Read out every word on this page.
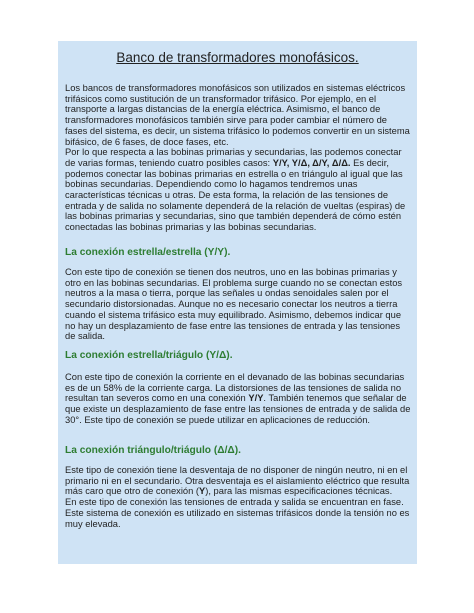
Banco de transformadores monofásicos.

Los bancos de transformadores monofásicos son utilizados en sistemas eléctricos trifásicos como sustitución de un transformador trifásico. Por ejemplo, en el transporte a largas distancias de la energía eléctrica. Asimismo, el banco de transformadores monofásicos también sirve para poder cambiar el número de fases del sistema, es decir, un sistema trifásico lo podemos convertir en un sistema bifásico, de 6 fases, de doce fases, etc.
Por lo que respecta a las bobinas primarias y secundarias, las podemos conectar de varias formas, teniendo cuatro posibles casos: Y/Y, Y/Δ, Δ/Y, Δ/Δ. Es decir, podemos conectar las bobinas primarias en estrella o en triángulo al igual que las bobinas secundarias. Dependiendo como lo hagamos tendremos unas características técnicas u otras. De esta forma, la relación de las tensiones de entrada y de salida no solamente dependerá de la relación de vueltas (espiras) de las bobinas primarias y secundarias, sino que también dependerá de cómo estén conectadas las bobinas primarias y las bobinas secundarias.

La conexión estrella/estrella (Y/Y).

Con este tipo de conexión se tienen dos neutros, uno en las bobinas primarias y otro en las bobinas secundarias. El problema surge cuando no se conectan estos neutros a la masa o tierra, porque las señales u ondas senoidales salen por el secundario distorsionadas. Aunque no es necesario conectar los neutros a tierra cuando el sistema trifásico esta muy equilibrado. Asimismo, debemos indicar que no hay un desplazamiento de fase entre las tensiones de entrada y las tensiones de salida.

La conexión estrella/triágulo (Y/Δ).

Con este tipo de conexión la corriente en el devanado de las bobinas secundarias es de un 58% de la corriente carga. La distorsiones de las tensiones de salida no resultan tan severos como en una conexión Y/Y. También tenemos que señalar de que existe un desplazamiento de fase entre las tensiones de entrada y de salida de 30°. Este tipo de conexión se puede utilizar en aplicaciones de reducción.

La conexión triángulo/triágulo (Δ/Δ).

Este tipo de conexión tiene la desventaja de no disponer de ningún neutro, ni en el primario ni en el secundario. Otra desventaja es el aislamiento eléctrico que resulta más caro que otro de conexión (Y), para las mismas especificaciones técnicas.
En este tipo de conexión las tensiones de entrada y salida se encuentran en fase.
Este sistema de conexión es utilizado en sistemas trifásicos donde la tensión no es muy elevada.
